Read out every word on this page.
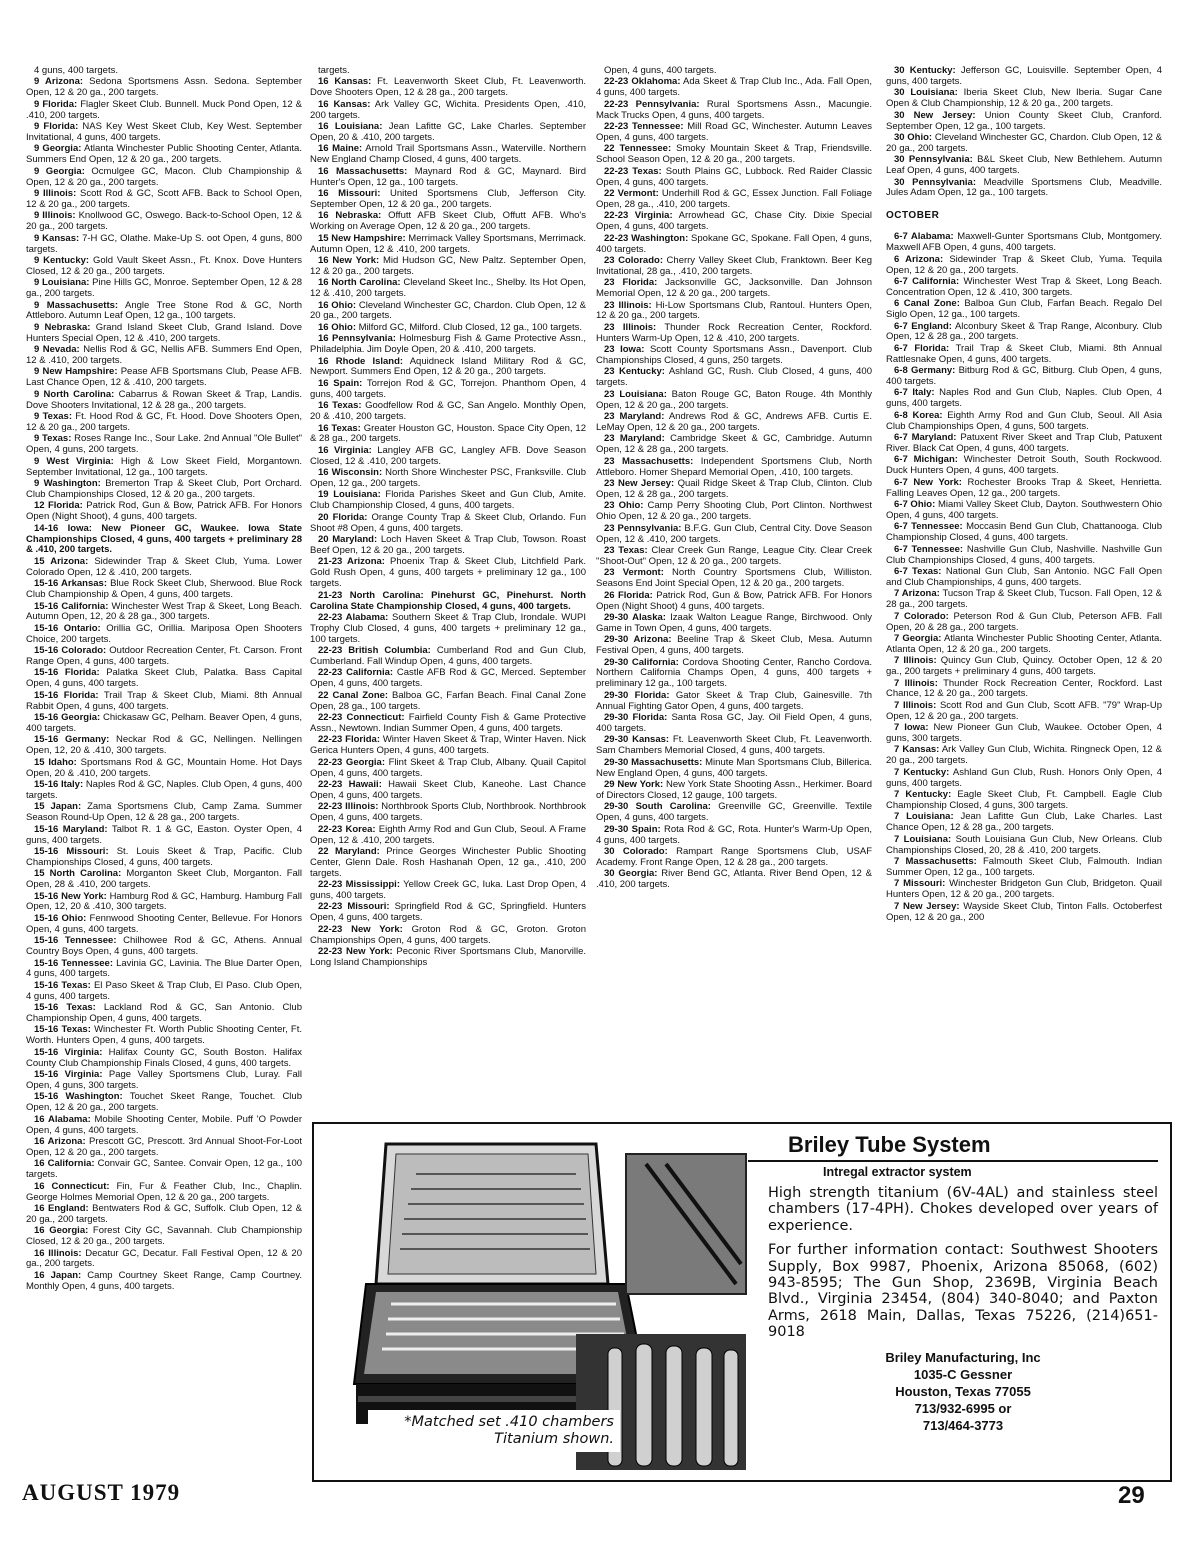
4 guns, 400 targets.
9 Arizona: Sedona Sportsmens Assn. Sedona. September Open, 12 & 20 ga., 200 targets.
9 Florida: Flagler Skeet Club. Bunnell. Muck Pond Open, 12 & .410, 200 targets.
9 Florida: NAS Key West Skeet Club, Key West. September Invitational, 4 guns, 400 targets.
9 Georgia: Atlanta Winchester Public Shooting Center, Atlanta. Summers End Open, 12 & 20 ga., 200 targets.
9 Georgia: Ocmulgee GC, Macon. Club Championship & Open, 12 & 20 ga., 200 targets.
9 Illinois: Scott Rod & GC, Scott AFB. Back to School Open, 12 & 20 ga., 200 targets.
9 Illinois: Knollwood GC, Oswego. Back-to-School Open, 12 & 20 ga., 200 targets.
9 Kansas: 7-H GC, Olathe. Make-Up S. oot Open, 4 guns, 800 targets.
9 Kentucky: Gold Vault Skeet Assn., Ft. Knox. Dove Hunters Closed, 12 & 20 ga., 200 targets.
9 Louisiana: Pine Hills GC, Monroe. September Open, 12 & 28 ga., 200 targets.
9 Massachusetts: Angle Tree Stone Rod & GC, North Attleboro. Autumn Leaf Open, 12 ga., 100 targets.
9 Nebraska: Grand Island Skeet Club, Grand Island. Dove Hunters Special Open, 12 & .410, 200 targets.
9 Nevada: Nellis Rod & GC, Nellis AFB. Summers End Open, 12 & .410, 200 targets.
9 New Hampshire: Pease AFB Sportsmans Club, Pease AFB. Last Chance Open, 12 & .410, 200 targets.
9 North Carolina: Cabarrus & Rowan Skeet & Trap, Landis. Dove Shooters Invitational, 12 & 28 ga., 200 targets.
9 Texas: Ft. Hood Rod & GC, Ft. Hood. Dove Shooters Open, 12 & 20 ga., 200 targets.
9 Texas: Roses Range Inc., Sour Lake. 2nd Annual "Ole Bullet" Open, 4 guns, 200 targets.
9 West Virginia: High & Low Skeet Field, Morgantown. September Invitational, 12 ga., 100 targets.
9 Washington: Bremerton Trap & Skeet Club, Port Orchard. Club Championships Closed, 12 & 20 ga., 200 targets.
12 Florida: Patrick Rod, Gun & Bow, Patrick AFB. For Honors Open (Night Shoot), 4 guns, 400 targets.
14-16 Iowa: New Pioneer GC, Waukee. Iowa State Championships Closed, 4 guns, 400 targets + preliminary 28 & .410, 200 targets.
15 Arizona: Sidewinder Trap & Skeet Club, Yuma. Lower Colorado Open, 12 & .410, 200 targets.
15-16 Arkansas: Blue Rock Skeet Club, Sherwood. Blue Rock Club Championship & Open, 4 guns, 400 targets.
15-16 California: Winchester West Trap & Skeet, Long Beach. Autumn Open, 12, 20 & 28 ga., 300 targets.
15-16 Ontario: Orillia GC, Orillia. Mariposa Open Shooters Choice, 200 targets.
15-16 Colorado: Outdoor Recreation Center, Ft. Carson. Front Range Open, 4 guns, 400 targets.
15-16 Florida: Palatka Skeet Club, Palatka. Bass Capital Open, 4 guns, 400 targets.
15-16 Florida: Trail Trap & Skeet Club, Miami. 8th Annual Rabbit Open, 4 guns, 400 targets.
15-16 Georgia: Chickasaw GC, Pelham. Beaver Open, 4 guns, 400 targets.
15-16 Germany: Neckar Rod & GC, Nellingen. Nellingen Open, 12, 20 & .410, 300 targets.
15 Idaho: Sportsmans Rod & GC, Mountain Home. Hot Days Open, 20 & .410, 200 targets.
15-16 Italy: Naples Rod & GC, Naples. Club Open, 4 guns, 400 targets.
15 Japan: Zama Sportsmens Club, Camp Zama. Summer Season Round-Up Open, 12 & 28 ga., 200 targets.
15-16 Maryland: Talbot R. 1 & GC, Easton. Oyster Open, 4 guns, 400 targets.
15-16 Missouri: St. Louis Skeet & Trap, Pacific. Club Championships Closed, 4 guns, 400 targets.
15 North Carolina: Morganton Skeet Club, Morganton. Fall Open, 28 & .410, 200 targets.
15-16 New York: Hamburg Rod & GC, Hamburg. Hamburg Fall Open, 12, 20 & .410, 300 targets.
15-16 Ohio: Fennwood Shooting Center, Bellevue. For Honors Open, 4 guns, 400 targets.
15-16 Tennessee: Chilhowee Rod & GC, Athens. Annual Country Boys Open, 4 guns, 400 targets.
15-16 Tennessee: Lavinia GC, Lavinia. The Blue Darter Open, 4 guns, 400 targets.
15-16 Texas: El Paso Skeet & Trap Club, El Paso. Club Open, 4 guns, 400 targets.
15-16 Texas: Lackland Rod & GC, San Antonio. Club Championship Open, 4 guns, 400 targets.
15-16 Texas: Winchester Ft. Worth Public Shooting Center, Ft. Worth. Hunters Open, 4 guns, 400 targets.
15-16 Virginia: Halifax County GC, South Boston. Halifax County Club Championship Finals Closed, 4 guns, 400 targets.
15-16 Virginia: Page Valley Sportsmens Club, Luray. Fall Open, 4 guns, 300 targets.
15-16 Washington: Touchet Skeet Range, Touchet. Club Open, 12 & 20 ga., 200 targets.
16 Alabama: Mobile Shooting Center, Mobile. Puff 'O Powder Open, 4 guns, 400 targets.
16 Arizona: Prescott GC, Prescott. 3rd Annual Shoot-For-Loot Open, 12 & 20 ga., 200 targets.
16 California: Convair GC, Santee. Convair Open, 12 ga., 100 targets.
16 Connecticut: Fin, Fur & Feather Club, Inc., Chaplin. George Holmes Memorial Open, 12 & 20 ga., 200 targets.
16 England: Bentwaters Rod & GC, Suffolk. Club Open, 12 & 20 ga., 200 targets.
16 Georgia: Forest City GC, Savannah. Club Championship Closed, 12 & 20 ga., 200 targets.
16 Illinois: Decatur GC, Decatur. Fall Festival Open, 12 & 20 ga., 200 targets.
16 Japan: Camp Courtney Skeet Range, Camp Courtney. Monthly Open, 4 guns, 400 targets.
targets.
16 Kansas: Ft. Leavenworth Skeet Club, Ft. Leavenworth. Dove Shooters Open, 12 & 28 ga., 200 targets.
16 Kansas: Ark Valley GC, Wichita. Presidents Open, .410, 200 targets.
16 Louisiana: Jean Lafitte GC, Lake Charles. September Open, 20 & .410, 200 targets.
16 Maine: Arnold Trail Sportsmans Assn., Waterville. Northern New England Champ Closed, 4 guns, 400 targets.
16 Massachusetts: Maynard Rod & GC, Maynard. Bird Hunter's Open, 12 ga., 100 targets.
16 Missouri: United Sportsmens Club, Jefferson City. September Open, 12 & 20 ga., 200 targets.
16 Nebraska: Offutt AFB Skeet Club, Offutt AFB. Who's Working on Average Open, 12 & 20 ga., 200 targets.
15 New Hampshire: Merrimack Valley Sportsmans, Merrimack. Autumn Open, 12 & .410, 200 targets.
16 New York: Mid Hudson GC, New Paltz. September Open, 12 & 20 ga., 200 targets.
16 North Carolina: Cleveland Skeet Inc., Shelby. Its Hot Open, 12 & .410, 200 targets.
16 Ohio: Cleveland Winchester GC, Chardon. Club Open, 12 & 20 ga., 200 targets.
16 Ohio: Milford GC, Milford. Club Closed, 12 ga., 100 targets.
16 Pennsylvania: Holmesburg Fish & Game Protective Assn., Philadelphia. Jim Doyle Open, 20 & .410, 200 targets.
16 Rhode Island: Aquidneck Island Military Rod & GC, Newport. Summers End Open, 12 & 20 ga., 200 targets.
16 Spain: Torrejon Rod & GC, Torrejon. Phanthom Open, 4 guns, 400 targets.
16 Texas: Goodfellow Rod & GC, San Angelo. Monthly Open, 20 & .410, 200 targets.
16 Texas: Greater Houston GC, Houston. Space City Open, 12 & 28 ga., 200 targets.
16 Virginia: Langley AFB GC, Langley AFB. Dove Season Closed, 12 & .410, 200 targets.
16 Wisconsin: North Shore Winchester PSC, Franksville. Club Open, 12 ga., 200 targets.
19 Louisiana: Florida Parishes Skeet and Gun Club, Amite. Club Championship Closed, 4 guns, 400 targets.
20 Florida: Orange County Trap & Skeet Club, Orlando. Fun Shoot #8 Open, 4 guns, 400 targets.
20 Maryland: Loch Haven Skeet & Trap Club, Towson. Roast Beef Open, 12 & 20 ga., 200 targets.
21-23 Arizona: Phoenix Trap & Skeet Club, Litchfield Park. Gold Rush Open, 4 guns, 400 targets + preliminary 12 ga., 100 targets.
21-23 North Carolina: Pinehurst GC, Pinehurst. North Carolina State Championship Closed, 4 guns, 400 targets.
22-23 Alabama: Southern Skeet & Trap Club, Irondale. WUPI Trophy Club Closed, 4 guns, 400 targets + preliminary 12 ga., 100 targets.
22-23 British Columbia: Cumberland Rod and Gun Club, Cumberland. Fall Windup Open, 4 guns, 400 targets.
22-23 California: Castle AFB Rod & GC, Merced. September Open, 4 guns, 400 targets.
22 Canal Zone: Balboa GC, Farfan Beach. Final Canal Zone Open, 28 ga., 100 targets.
22-23 Connecticut: Fairfield County Fish & Game Protective Assn., Newtown. Indian Summer Open, 4 guns, 400 targets.
22-23 Florida: Winter Haven Skeet & Trap, Winter Haven. Nick Gerica Hunters Open, 4 guns, 400 targets.
22-23 Georgia: Flint Skeet & Trap Club, Albany. Quail Capitol Open, 4 guns, 400 targets.
22-23 Hawaii: Hawaii Skeet Club, Kaneohe. Last Chance Open, 4 guns, 400 targets.
22-23 Illinois: Northbrook Sports Club, Northbrook. Northbrook Open, 4 guns, 400 targets.
22-23 Korea: Eighth Army Rod and Gun Club, Seoul. A Frame Open, 12 & .410, 200 targets.
22 Maryland: Prince Georges Winchester Public Shooting Center, Glenn Dale. Rosh Hashanah Open, 12 ga., .410, 200 targets.
22-23 Mississippi: Yellow Creek GC, Iuka. Last Drop Open, 4 guns, 400 targets.
22-23 Missouri: Springfield Rod & GC, Springfield. Hunters Open, 4 guns, 400 targets.
22-23 New York: Groton Rod & GC, Groton. Groton Championships Open, 4 guns, 400 targets.
22-23 New York: Peconic River Sportsmans Club, Manorville. Long Island Championships
Open, 4 guns, 400 targets.
22-23 Oklahoma: Ada Skeet & Trap Club Inc., Ada. Fall Open, 4 guns, 400 targets.
22-23 Pennsylvania: Rural Sportsmens Assn., Macungie. Mack Trucks Open, 4 guns, 400 targets.
22-23 Tennessee: Mill Road GC, Winchester. Autumn Leaves Open, 4 guns, 400 targets.
22 Tennessee: Smoky Mountain Skeet & Trap, Friendsville. School Season Open, 12 & 20 ga., 200 targets.
22-23 Texas: South Plains GC, Lubbock. Red Raider Classic Open, 4 guns, 400 targets.
22 Vermont: Underhill Rod & GC, Essex Junction. Fall Foliage Open, 28 ga., .410, 200 targets.
22-23 Virginia: Arrowhead GC, Chase City. Dixie Special Open, 4 guns, 400 targets.
22-23 Washington: Spokane GC, Spokane. Fall Open, 4 guns, 400 targets.
23 Colorado: Cherry Valley Skeet Club, Franktown. Beer Keg Invitational, 28 ga., .410, 200 targets.
23 Florida: Jacksonville GC, Jacksonville. Dan Johnson Memorial Open, 12 & 20 ga., 200 targets.
23 Illinois: Hi-Low Sportsmans Club, Rantoul. Hunters Open, 12 & 20 ga., 200 targets.
23 Illinois: Thunder Rock Recreation Center, Rockford. Hunters Warm-Up Open, 12 & .410, 200 targets.
23 Iowa: Scott County Sportsmans Assn., Davenport. Club Championships Closed, 4 guns, 250 targets.
23 Kentucky: Ashland GC, Rush. Club Closed, 4 guns, 400 targets.
23 Louisiana: Baton Rouge GC, Baton Rouge. 4th Monthly Open, 12 & 20 ga., 200 targets.
23 Maryland: Andrews Rod & GC, Andrews AFB. Curtis E. LeMay Open, 12 & 20 ga., 200 targets.
23 Maryland: Cambridge Skeet & GC, Cambridge. Autumn Open, 12 & 28 ga., 200 targets.
23 Massachusetts: Independent Sportsmens Club, North Attleboro. Homer Shepard Memorial Open, .410, 100 targets.
23 New Jersey: Quail Ridge Skeet & Trap Club, Clinton. Club Open, 12 & 28 ga., 200 targets.
23 Ohio: Camp Perry Shooting Club, Port Clinton. Northwest Ohio Open, 12 & 20 ga., 200 targets.
23 Pennsylvania: B.F.G. Gun Club, Central City. Dove Season Open, 12 & .410, 200 targets.
23 Texas: Clear Creek Gun Range, League City. Clear Creek "Shoot-Out" Open, 12 & 20 ga., 200 targets.
23 Vermont: North Country Sportsmens Club, Williston. Seasons End Joint Special Open, 12 & 20 ga., 200 targets.
26 Florida: Patrick Rod, Gun & Bow, Patrick AFB. For Honors Open (Night Shoot) 4 guns, 400 targets.
29-30 Alaska: Izaak Walton League Range, Birchwood. Only Game in Town Open, 4 guns, 400 targets.
29-30 Arizona: Beeline Trap & Skeet Club, Mesa. Autumn Festival Open, 4 guns, 400 targets.
29-30 California: Cordova Shooting Center, Rancho Cordova. Northern California Champs Open, 4 guns, 400 targets + preliminary 12 ga., 100 targets.
29-30 Florida: Gator Skeet & Trap Club, Gainesville. 7th Annual Fighting Gator Open, 4 guns, 400 targets.
29-30 Florida: Santa Rosa GC, Jay. Oil Field Open, 4 guns, 400 targets.
29-30 Kansas: Ft. Leavenworth Skeet Club, Ft. Leavenworth. Sam Chambers Memorial Closed, 4 guns, 400 targets.
29-30 Massachusetts: Minute Man Sportsmans Club, Billerica. New England Open, 4 guns, 400 targets.
29 New York: New York State Shooting Assn., Herkimer. Board of Directors Closed, 12 gauge, 100 targets.
29-30 South Carolina: Greenville GC, Greenville. Textile Open, 4 guns, 400 targets.
29-30 Spain: Rota Rod & GC, Rota. Hunter's Warm-Up Open, 4 guns, 400 targets.
30 Colorado: Rampart Range Sportsmens Club, USAF Academy. Front Range Open, 12 & 28 ga., 200 targets.
30 Georgia: River Bend GC, Atlanta. River Bend Open, 12 & .410, 200 targets.
30 Kentucky: Jefferson GC, Louisville. September Open, 4 guns, 400 targets.
30 Louisiana: Iberia Skeet Club, New Iberia. Sugar Cane Open & Club Championship, 12 & 20 ga., 200 targets.
30 New Jersey: Union County Skeet Club, Cranford. September Open, 12 ga., 100 targets.
30 Ohio: Cleveland Winchester GC, Chardon. Club Open, 12 & 20 ga., 200 targets.
30 Pennsylvania: B&L Skeet Club, New Bethlehem. Autumn Leaf Open, 4 guns, 400 targets.
30 Pennsylvania: Meadville Sportsmens Club, Meadville. Jules Adam Open, 12 ga., 100 targets.
OCTOBER
6-7 Alabama: Maxwell-Gunter Sportsmans Club, Montgomery. Maxwell AFB Open, 4 guns, 400 targets.
6 Arizona: Sidewinder Trap & Skeet Club, Yuma. Tequila Open, 12 & 20 ga., 200 targets.
6-7 California: Winchester West Trap & Skeet, Long Beach. Concentration Open, 12 & .410, 300 targets.
6 Canal Zone: Balboa Gun Club, Farfan Beach. Regalo Del Siglo Open, 12 ga., 100 targets.
6-7 England: Alconbury Skeet & Trap Range, Alconbury. Club Open, 12 & 28 ga., 200 targets.
6-7 Florida: Trail Trap & Skeet Club, Miami. 8th Annual Rattlesnake Open, 4 guns, 400 targets.
6-8 Germany: Bitburg Rod & GC, Bitburg. Club Open, 4 guns, 400 targets.
6-7 Italy: Naples Rod and Gun Club, Naples. Club Open, 4 guns, 400 targets.
6-8 Korea: Eighth Army Rod and Gun Club, Seoul. All Asia Club Championships Open, 4 guns, 500 targets.
6-7 Maryland: Patuxent River Skeet and Trap Club, Patuxent River. Black Cat Open, 4 guns, 400 targets.
6-7 Michigan: Winchester Detroit South, South Rockwood. Duck Hunters Open, 4 guns, 400 targets.
6-7 New York: Rochester Brooks Trap & Skeet, Henrietta. Falling Leaves Open, 12 ga., 200 targets.
6-7 Ohio: Miami Valley Skeet Club, Dayton. Southwestern Ohio Open, 4 guns, 400 targets.
6-7 Tennessee: Moccasin Bend Gun Club, Chattanooga. Club Championship Closed, 4 guns, 400 targets.
6-7 Tennessee: Nashville Gun Club, Nashville. Nashville Gun Club Championships Closed, 4 guns, 400 targets.
6-7 Texas: National Gun Club, San Antonio. NGC Fall Open and Club Championships, 4 guns, 400 targets.
7 Arizona: Tucson Trap & Skeet Club, Tucson. Fall Open, 12 & 28 ga., 200 targets.
7 Colorado: Peterson Rod & Gun Club, Peterson AFB. Fall Open, 20 & 28 ga., 200 targets.
7 Georgia: Atlanta Winchester Public Shooting Center, Atlanta. Atlanta Open, 12 & 20 ga., 200 targets.
7 Illinois: Quincy Gun Club, Quincy. October Open, 12 & 20 ga., 200 targets + preliminary 4 guns, 400 targets.
7 Illinois: Thunder Rock Recreation Center, Rockford. Last Chance, 12 & 20 ga., 200 targets.
7 Illinois: Scott Rod and Gun Club, Scott AFB. "79" Wrap-Up Open, 12 & 20 ga., 200 targets.
7 Iowa: New Pioneer Gun Club, Waukee. October Open, 4 guns, 300 targets.
7 Kansas: Ark Valley Gun Club, Wichita. Ringneck Open, 12 & 20 ga., 200 targets.
7 Kentucky: Ashland Gun Club, Rush. Honors Only Open, 4 guns, 400 targets.
7 Kentucky: Eagle Skeet Club, Ft. Campbell. Eagle Club Championship Closed, 4 guns, 300 targets.
7 Louisiana: Jean Lafitte Gun Club, Lake Charles. Last Chance Open, 12 & 28 ga., 200 targets.
7 Louisiana: South Louisiana Gun Club, New Orleans. Club Championships Closed, 20, 28 & .410, 200 targets.
7 Massachusetts: Falmouth Skeet Club, Falmouth. Indian Summer Open, 12 ga., 100 targets.
7 Missouri: Winchester Bridgeton Gun Club, Bridgeton. Quail Hunters Open, 12 & 20 ga., 200 targets.
7 New Jersey: Wayside Skeet Club, Tinton Falls. Octoberfest Open, 12 & 20 ga., 200
*Matched set .410 chambers Titanium shown.
Briley Tube System
Intregal extractor system
High strength titanium (6V-4AL) and stainless steel chambers (17-4PH). Chokes developed over years of experience.
For further information contact: Southwest Shooters Supply, Box 9987, Phoenix, Arizona 85068, (602) 943-8595; The Gun Shop, 2369B, Virginia Beach Blvd., Virginia 23454, (804) 340-8040; and Paxton Arms, 2618 Main, Dallas, Texas 75226, (214)651-9018
Briley Manufacturing, Inc
1035-C Gessner
Houston, Texas 77055
713/932-6995 or
713/464-3773
AUGUST 1979	29
